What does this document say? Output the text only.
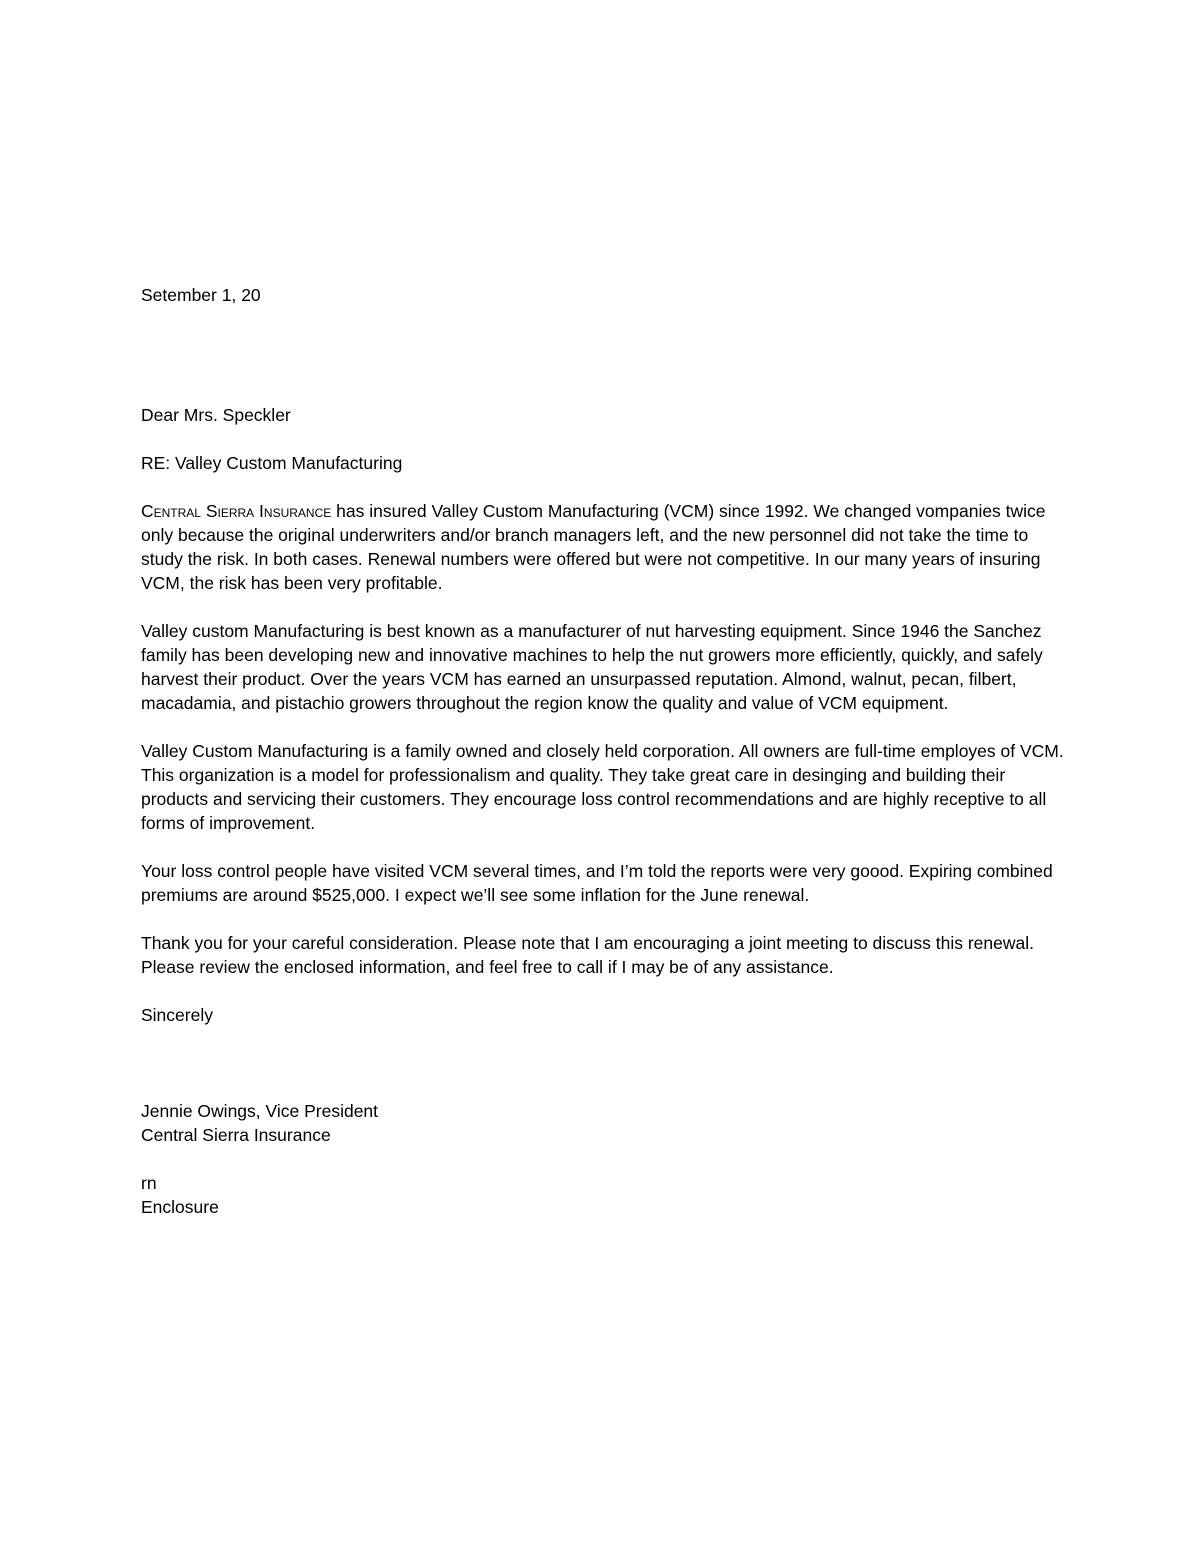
Setember 1, 20

Dear Mrs. Speckler

RE: Valley Custom Manufacturing

Central Sierra Insurance has insured Valley Custom Manufacturing (VCM) since 1992. We changed vompanies twice only because the original underwriters and/or branch managers left, and the new personnel did not take the time to study the risk. In both cases. Renewal numbers were offered but were not competitive. In our many years of insuring VCM, the risk has been very profitable.

Valley custom Manufacturing is best known as a manufacturer of nut harvesting equipment. Since 1946 the Sanchez family has been developing new and innovative machines to help the nut growers more efficiently, quickly, and safely harvest their product. Over the years VCM has earned an unsurpassed reputation. Almond, walnut, pecan, filbert, macadamia, and pistachio growers throughout the region know the quality and value of VCM equipment.

Valley Custom Manufacturing is a family owned and closely held corporation. All owners are full-time employes of VCM. This organization is a model for professionalism and quality. They take great care in desinging and building their products and servicing their customers. They encourage loss control recommendations and are highly receptive to all forms of improvement.

Your loss control people have visited VCM several times, and I’m told the reports were very goood. Expiring combined premiums are around $525,000. I expect we’ll see some inflation for the June renewal.

Thank you for your careful consideration. Please note that I am encouraging a joint meeting to discuss this renewal. Please review the enclosed information, and feel free to call if I may be of any assistance.

Sincerely

Jennie Owings, Vice President

Central Sierra Insurance

rn

Enclosure
